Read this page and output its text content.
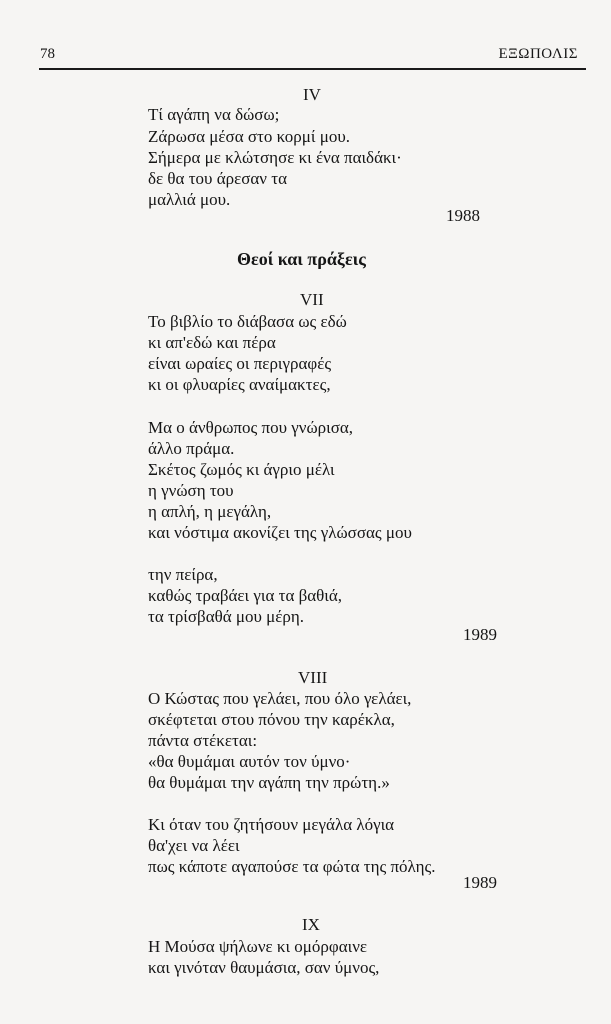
78	ΕΞΩΠΟΛΙΣ
IV
Τί αγάπη να δώσω;
Ζάρωσα μέσα στο κορμί μου.
Σήμερα με κλώτσησε κι ένα παιδάκι·
δε θα του άρεσαν τα
μαλλιά μου.
1988
Θεοί και πράξεις
VII
Το βιβλίο το διάβασα ως εδώ
κι απ'εδώ και πέρα
είναι ωραίες οι περιγραφές
κι οι φλυαρίες αναίμακτες,
Μα ο άνθρωπος που γνώρισα,
άλλο πράμα.
Σκέτος ζωμός κι άγριο μέλι
η γνώση του
η απλή, η μεγάλη,
και νόστιμα ακονίζει της γλώσσας μου
την πείρα,
καθώς τραβάει για τα βαθιά,
τα τρίσβαθά μου μέρη.
1989
VIII
Ο Κώστας που γελάει, που όλο γελάει,
σκέφτεται στου πόνου την καρέκλα,
πάντα στέκεται:
«θα θυμάμαι αυτόν τον ύμνο·
θα θυμάμαι την αγάπη την πρώτη.»
Κι όταν του ζητήσουν μεγάλα λόγια
θα'χει να λέει
πως κάποτε αγαπούσε τα φώτα της πόλης.
1989
IX
Η Μούσα ψήλωνε κι ομόρφαινε
και γινόταν θαυμάσια, σαν ύμνος,
